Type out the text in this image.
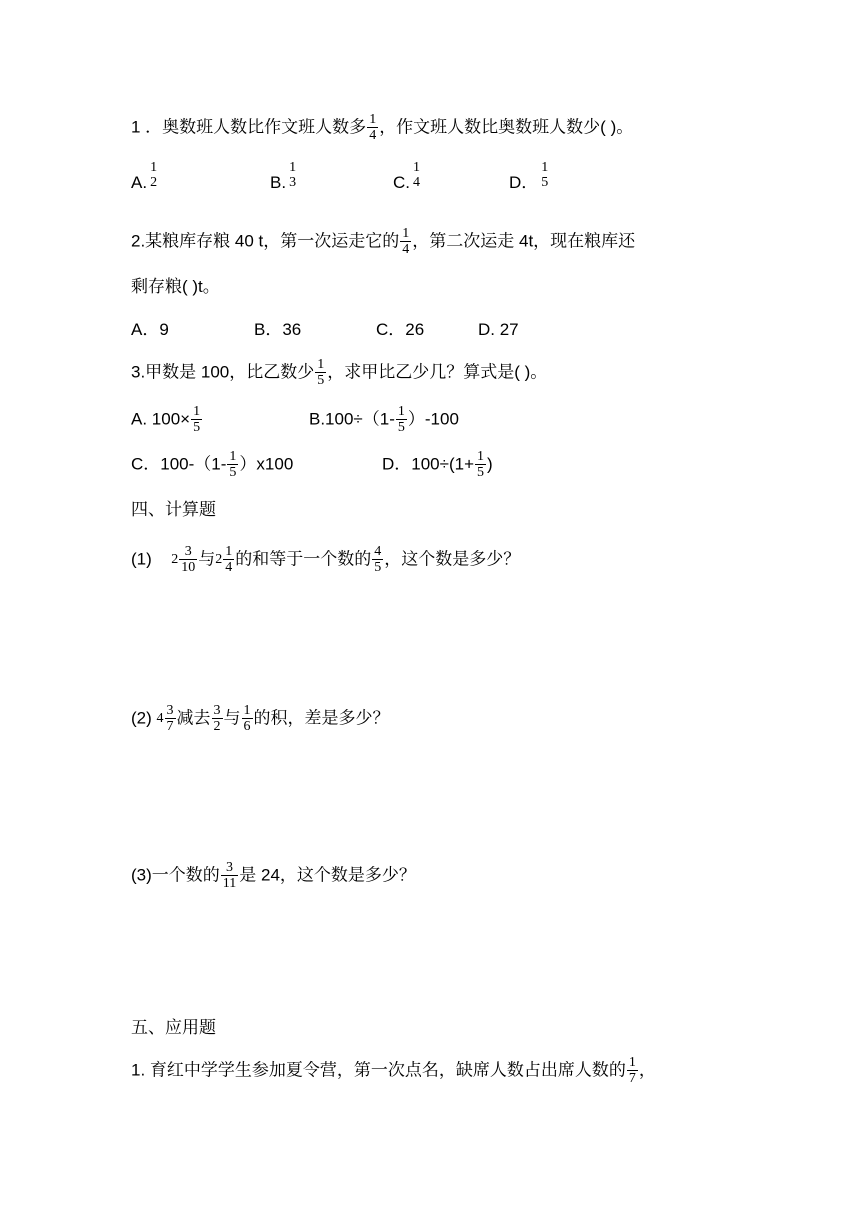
1 ．奥数班人数比作文班人数多 $\frac{1}{4}$ ，作文班人数比奥数班人数少( )。
A.
1
2	B.
1
3	C.
1
4	D．
1
5
2.某粮库存粮 40 t，第一次运走它的 $\frac{1}{4}$ ，第二次运走 4t，现在粮库还
剩存粮( )t。
A．9	B．36	C．26	D. 27
3.甲数是 100，比乙数少 $\frac{1}{5}$ ，求甲比乙少几？算式是( )。
A. $100\times \frac{1}{5}$	$B.100\div(1- \frac{1}{5} )-100$
C．$100-(1- \frac{1}{5} )x100$	D．$100\div(1+ \frac{1}{5}$ )
四、计算题
(1) $2 \frac{3}{10}$ 与$2 \frac{1}{4}$ 的和等于一个数的 $\frac{4}{5}$ ，这个数是多少？
(2) $4 \frac{3}{7}$ 减去 $\frac{3}{2}$ 与 $\frac{1}{6}$ 的积，差是多少？
(3)一个数的 $\frac{3}{11}$ 是 24，这个数是多少？
五、应用题
1. 育红中学学生参加夏令营，第一次点名，缺席人数占出席人数的 $\frac{1}{7}$ ，
